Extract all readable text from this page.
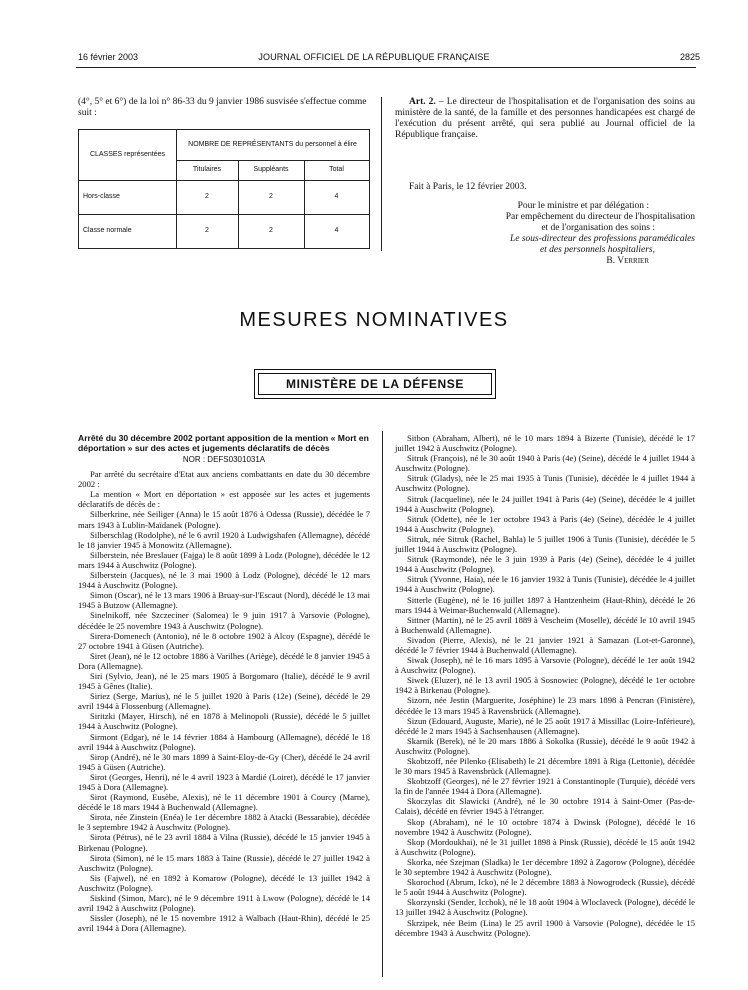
16 février 2003	JOURNAL OFFICIEL DE LA RÉPUBLIQUE FRANÇAISE	2825
(4°, 5° et 6°) de la loi n° 86-33 du 9 janvier 1986 susvisée s'effectue comme suit :
CLASSES représentées
NOMBRE DE REPRÉSENTANTS du personnel à élire
Titulaires	Suppléants	Total
Hors-classe	2	2	4
Classe normale	2	2	4

Art. 2. – Le directeur de l'hospitalisation et de l'organisation des soins au ministère de la santé, de la famille et des personnes handicapées est chargé de l'exécution du présent arrêté, qui sera publié au Journal officiel de la République française.

Fait à Paris, le 12 février 2003.
Pour le ministre et par délégation :
Par empêchement du directeur de l'hospitalisation
et de l'organisation des soins :
Le sous-directeur des professions paramédicales
et des personnels hospitaliers,
B. Verrier
MESURES NOMINATIVES
MINISTÈRE DE LA DÉFENSE
Arrêté du 30 décembre 2002 portant apposition de la mention « Mort en déportation » sur des actes et jugements déclaratifs de décès
NOR : DEFS0301031A

Par arrêté du secrétaire d'Etat aux anciens combattants en date du 30 décembre 2002 :

La mention « Mort en déportation » est apposée sur les actes et jugements déclaratifs de décès de :

Silberkrine, née Seiliger (Anna) le 15 août 1876 à Odessa (Russie), décédée le 7 mars 1943 à Lublin-Maïdanek (Pologne).

Silberschlag (Rodolphe), né le 6 avril 1920 à Ludwigshafen (Allemagne), décédé le 18 janvier 1945 à Monowitz (Allemagne).

Silberstein, née Breslauer (Fajga) le 8 août 1899 à Lodz (Pologne), décédée le 12 mars 1944 à Auschwitz (Pologne).

Silberstein (Jacques), né le 3 mai 1900 à Lodz (Pologne), décédé le 12 mars 1944 à Auschwitz (Pologne).

Simon (Oscar), né le 13 mars 1906 à Bruay-sur-l'Escaut (Nord), décédé le 13 mai 1945 à Butzow (Allemagne).

Sinelnikoff, née Szczeciner (Salomea) le 9 juin 1917 à Varsovie (Pologne), décédée le 25 novembre 1943 à Auschwitz (Pologne).

Sirera-Domenech (Antonio), né le 8 octobre 1902 à Alcoy (Espagne), décédé le 27 octobre 1941 à Güsen (Autriche).

Siret (Jean), né le 12 octobre 1886 à Varilhes (Ariège), décédé le 8 janvier 1945 à Dora (Allemagne).

Siri (Sylvio, Jean), né le 25 mars 1905 à Borgomaro (Italie), décédé le 9 avril 1945 à Gênes (Italie).

Siriez (Serge, Marius), né le 5 juillet 1920 à Paris (12e) (Seine), décédé le 29 avril 1944 à Flossenburg (Allemagne).

Siritzki (Mayer, Hirsch), né en 1878 à Melinopoli (Russie), décédé le 5 juillet 1944 à Auschwitz (Pologne).

Sirmont (Edgar), né le 14 février 1884 à Hambourg (Allemagne), décédé le 18 avril 1944 à Auschwitz (Pologne).

Sirop (André), né le 30 mars 1899 à Saint-Eloy-de-Gy (Cher), décédé le 24 avril 1945 à Güsen (Autriche).

Sirot (Georges, Henri), né le 4 avril 1923 à Mardié (Loiret), décédé le 17 janvier 1945 à Dora (Allemagne).

Sirot (Raymond, Eusèbe, Alexis), né le 11 décembre 1901 à Courcy (Marne), décédé le 18 mars 1944 à Buchenwald (Allemagne).

Sirota, née Zinstein (Enéa) le 1er décembre 1882 à Atacki (Bessarabie), décédée le 3 septembre 1942 à Auschwitz (Pologne).

Sirota (Pétrus), né le 23 avril 1884 à Vilna (Russie), décédé le 15 janvier 1945 à Birkenau (Pologne).

Sirota (Simon), né le 15 mars 1883 à Taine (Russie), décédé le 27 juillet 1942 à Auschwitz (Pologne).

Sis (Fajwel), né en 1892 à Komarow (Pologne), décédé le 13 juillet 1942 à Auschwitz (Pologne).

Siskind (Simon, Marc), né le 9 décembre 1911 à Lwow (Pologne), décédé le 14 avril 1942 à Auschwitz (Pologne).

Sissler (Joseph), né le 15 novembre 1912 à Walbach (Haut-Rhin), décédé le 25 avril 1944 à Dora (Allemagne).

Sitbon (Abraham, Albert), né le 10 mars 1894 à Bizerte (Tunisie), décédé le 17 juillet 1942 à Auschwitz (Pologne).

Sitruk (François), né le 30 août 1940 à Paris (4e) (Seine), décédé le 4 juillet 1944 à Auschwitz (Pologne).

Sitruk (Gladys), née le 25 mai 1935 à Tunis (Tunisie), décédée le 4 juillet 1944 à Auschwitz (Pologne).

Sitruk (Jacqueline), née le 24 juillet 1941 à Paris (4e) (Seine), décédée le 4 juillet 1944 à Auschwitz (Pologne).

Sitruk (Odette), née le 1er octobre 1943 à Paris (4e) (Seine), décédée le 4 juillet 1944 à Auschwitz (Pologne).

Sitruk, née Sitruk (Rachel, Bahla) le 5 juillet 1906 à Tunis (Tunisie), décédée le 5 juillet 1944 à Auschwitz (Pologne).

Sitruk (Raymonde), née le 3 juin 1939 à Paris (4e) (Seine), décédée le 4 juillet 1944 à Auschwitz (Pologne).

Sitruk (Yvonne, Haia), née le 16 janvier 1932 à Tunis (Tunisie), décédée le 4 juillet 1944 à Auschwitz (Pologne).

Sitterle (Eugène), né le 16 juillet 1897 à Hantzenheim (Haut-Rhin), décédé le 26 mars 1944 à Weimar-Buchenwald (Allemagne).

Sittner (Martin), né le 25 avril 1889 à Vescheim (Moselle), décédé le 10 avril 1945 à Buchenwald (Allemagne).

Sivadon (Pierre, Alexis), né le 21 janvier 1921 à Samazan (Lot-et-Garonne), décédé le 7 février 1944 à Buchenwald (Allemagne).

Siwak (Joseph), né le 16 mars 1895 à Varsovie (Pologne), décédé le 1er août 1942 à Auschwitz (Pologne).

Siwek (Eluzer), né le 13 avril 1905 à Sosnowiec (Pologne), décédé le 1er octobre 1942 à Birkenau (Pologne).

Sizorn, née Jestin (Marguerite, Joséphine) le 23 mars 1898 à Pencran (Finistère), décédée le 13 mars 1945 à Ravensbrück (Allemagne).

Sizun (Edouard, Auguste, Marie), né le 25 août 1917 à Missillac (Loire-Inférieure), décédé le 2 mars 1945 à Sachsenhausen (Allemagne).

Skarnik (Berek), né le 20 mars 1886 à Sokolka (Russie), décédé le 9 août 1942 à Auschwitz (Pologne).

Skobtzoff, née Pilenko (Elisabeth) le 21 décembre 1891 à Riga (Lettonie), décédée le 30 mars 1945 à Ravensbrück (Allemagne).

Skobtzoff (Georges), né le 27 février 1921 à Constantinople (Turquie), décédé vers la fin de l'année 1944 à Dora (Allemagne).

Skoczylas dit Slawicki (André), né le 30 octobre 1914 à Saint-Omer (Pas-de-Calais), décédé en février 1945 à l'étranger.

Skop (Abraham), né le 10 octobre 1874 à Dwinsk (Pologne), décédé le 16 novembre 1942 à Auschwitz (Pologne).

Skop (Mordoukhai), né le 31 juillet 1898 à Pinsk (Russie), décédé le 15 août 1942 à Auschwitz (Pologne).

Skorka, née Szejman (Sladka) le 1er décembre 1892 à Zagorow (Pologne), décédée le 30 septembre 1942 à Auschwitz (Pologne).

Skorochod (Abrum, Icko), né le 2 décembre 1883 à Nowogrodeck (Russie), décédé le 5 août 1944 à Auschwitz (Pologne).

Skorzynski (Sender, Icchok), né le 18 août 1904 à Wloclaveck (Pologne), décédé le 13 juillet 1942 à Auschwitz (Pologne).

Skrzipek, née Beim (Lina) le 25 avril 1900 à Varsovie (Pologne), décédée le 15 décembre 1943 à Auschwitz (Pologne).
